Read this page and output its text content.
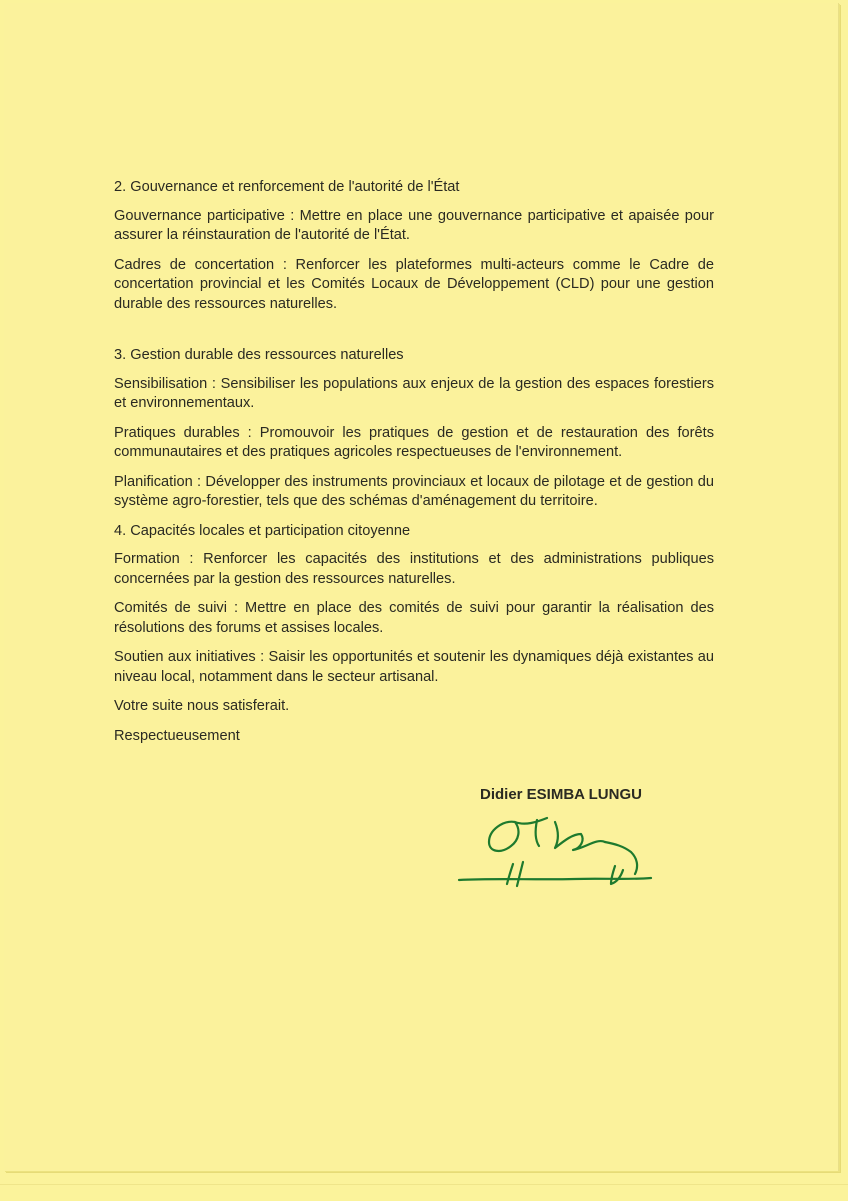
2. Gouvernance et renforcement de l'autorité de l'État

Gouvernance participative : Mettre en place une gouvernance participative et apaisée pour assurer la réinstauration de l'autorité de l'État.

Cadres de concertation : Renforcer les plateformes multi-acteurs comme le Cadre de concertation provincial et les Comités Locaux de Développement (CLD) pour une gestion durable des ressources naturelles.

3. Gestion durable des ressources naturelles

Sensibilisation : Sensibiliser les populations aux enjeux de la gestion des espaces forestiers et environnementaux.

Pratiques durables : Promouvoir les pratiques de gestion et de restauration des forêts communautaires et des pratiques agricoles respectueuses de l'environnement.

Planification : Développer des instruments provinciaux et locaux de pilotage et de gestion du système agro-forestier, tels que des schémas d'aménagement du territoire.

4. Capacités locales et participation citoyenne

Formation : Renforcer les capacités des institutions et des administrations publiques concernées par la gestion des ressources naturelles.

Comités de suivi : Mettre en place des comités de suivi pour garantir la réalisation des résolutions des forums et assises locales.

Soutien aux initiatives : Saisir les opportunités et soutenir les dynamiques déjà existantes au niveau local, notamment dans le secteur artisanal.

Votre suite nous satisferait.

Respectueusement

Didier ESIMBA LUNGU
